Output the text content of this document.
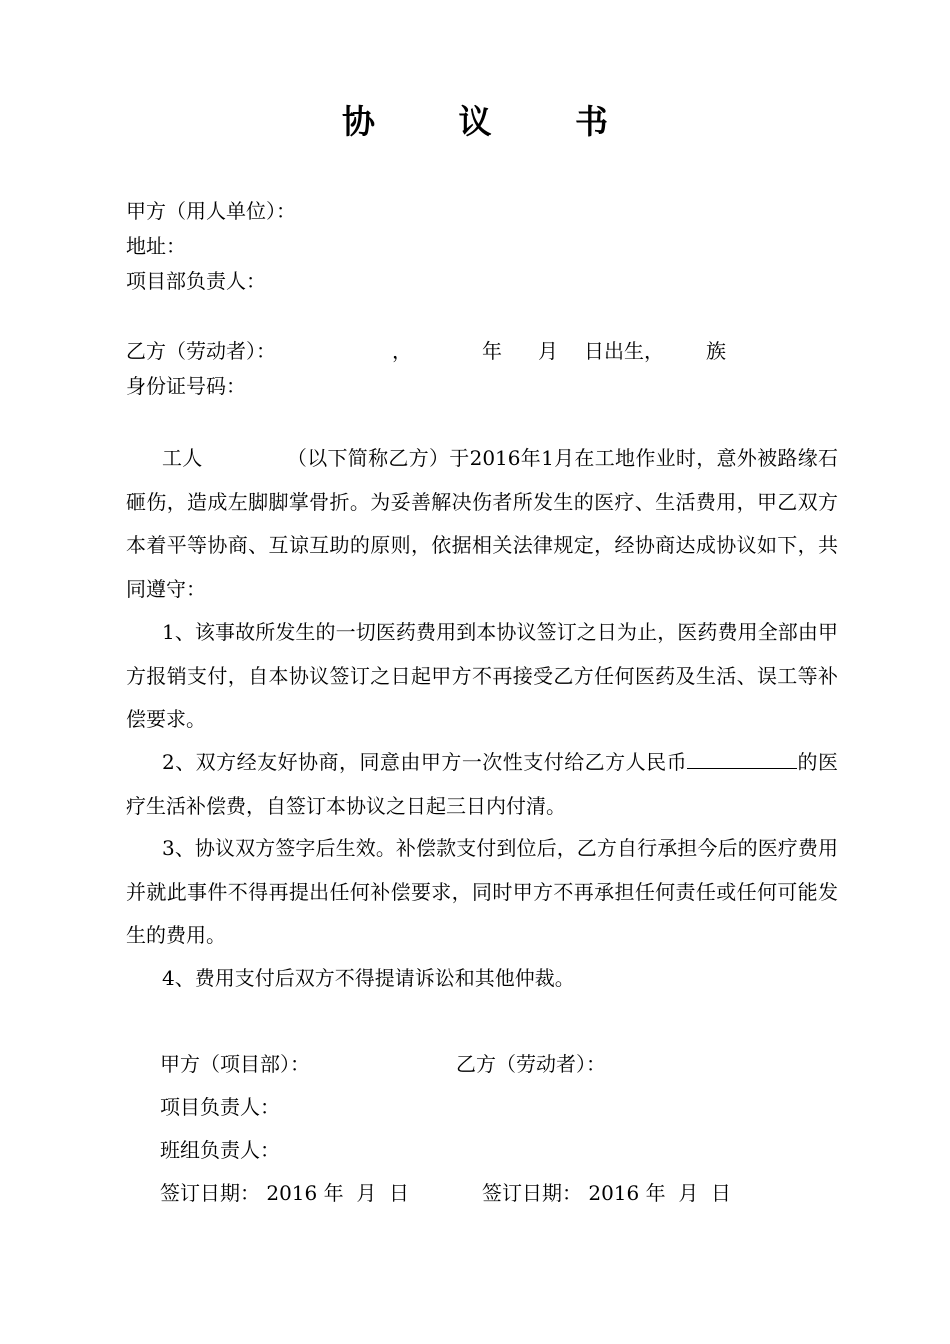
协 议 书
甲方（用人单位）：
地址：
项目部负责人：
乙方（劳动者）：	，	年 月 日出生， 族
身份证号码：

工人	（以下简称乙方）于2016年1月在工地作业时，意外被路缘石砸伤，造成左脚脚掌骨折。为妥善解决伤者所发生的医疗、生活费用，甲乙双方本着平等协商、互谅互助的原则，依据相关法律规定，经协商达成协议如下，共同遵守：

1、该事故所发生的一切医药费用到本协议签订之日为止，医药费用全部由甲方报销支付，自本协议签订之日起甲方不再接受乙方任何医药及生活、误工等补偿要求。

2、双方经友好协商，同意由甲方一次性支付给乙方人民币	的医疗生活补偿费，自签订本协议之日起三日内付清。

3、协议双方签字后生效。补偿款支付到位后，乙方自行承担今后的医疗费用并就此事件不得再提出任何补偿要求，同时甲方不再承担任何责任或任何可能发生的费用。

4、费用支付后双方不得提请诉讼和其他仲裁。

甲方（项目部）：	乙方（劳动者）：
项目负责人：
班组负责人：
签订日期： 2016 年  月  日	签订日期： 2016 年  月  日
